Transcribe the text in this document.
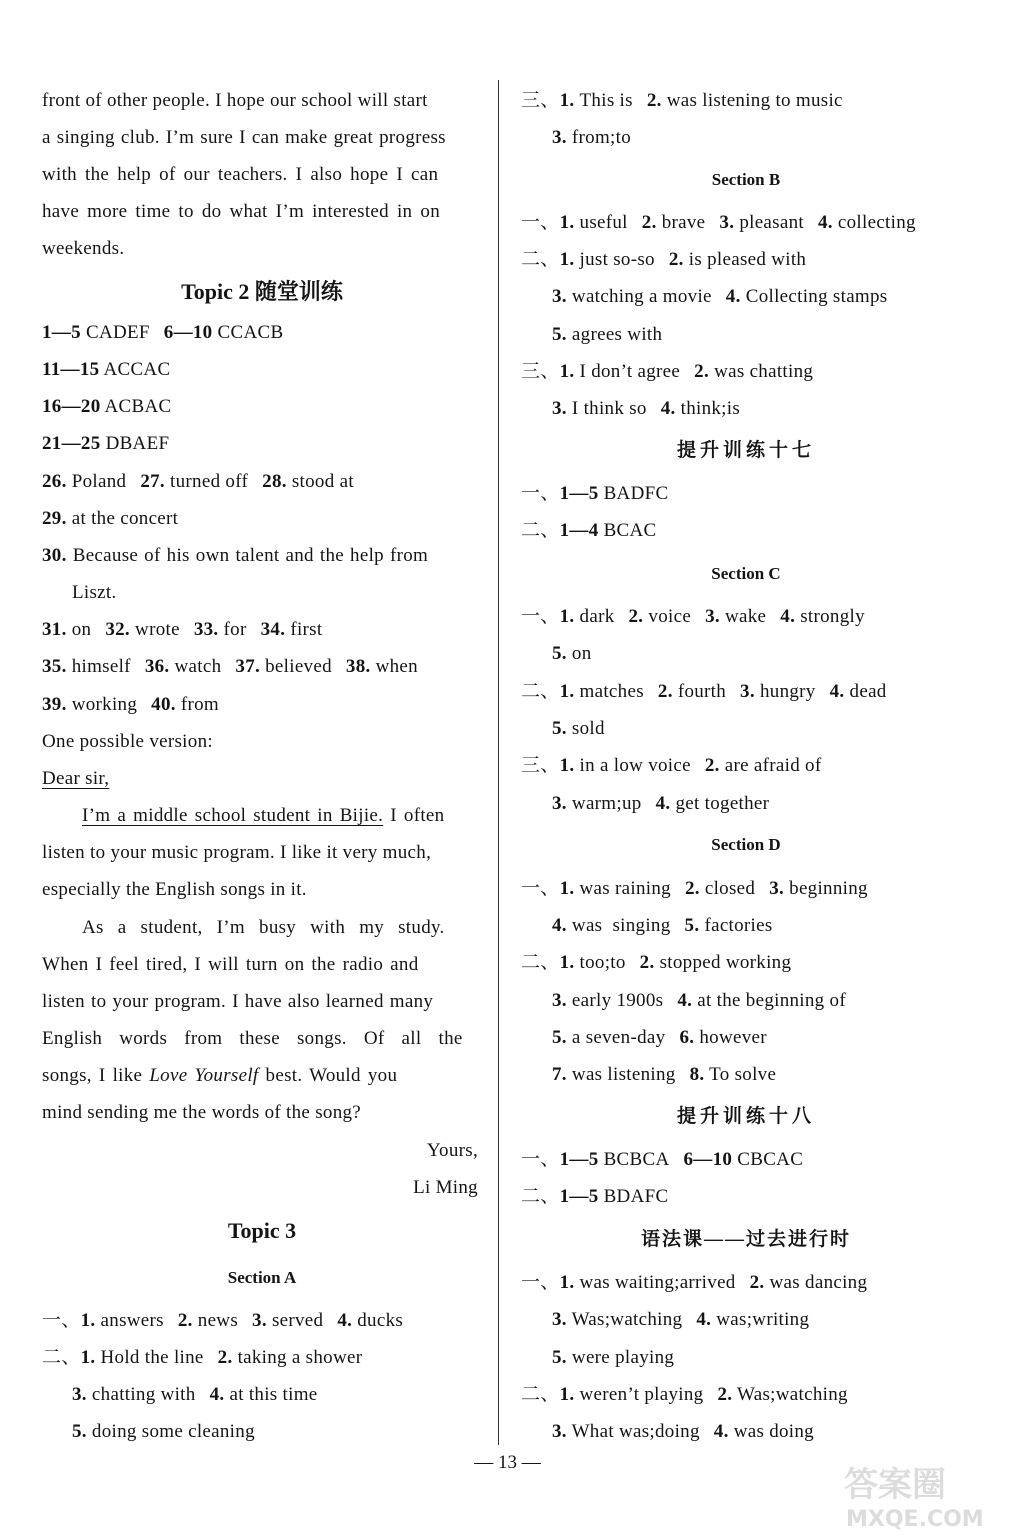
front of other people. I hope our school will start
a singing club. I’m sure I can make great progress
with the help of our teachers. I also hope I can
have more time to do what I’m interested in on
weekends.
Topic 2 随堂训练
1—5 CADEF 6—10 CCACB
11—15 ACCAC
16—20 ACBAC
21—25 DBAEF
26. Poland 27. turned off 28. stood at
29. at the concert
30. Because of his own talent and the help from
Liszt.
31. on 32. wrote 33. for 34. first
35. himself 36. watch 37. believed 38. when
39. working 40. from
One possible version:
Dear sir,
I’m a middle school student in Bijie. I often
listen to your music program. I like it very much,
especially the English songs in it.
As a student, I’m busy with my study.
When I feel tired, I will turn on the radio and
listen to your program. I have also learned many
English words from these songs. Of all the
songs, I like Love Yourself best. Would you
mind sending me the words of the song?
Yours,
Li Ming
Topic 3
Section A
一、1. answers 2. news 3. served 4. ducks
二、1. Hold the line 2. taking a shower
3. chatting with 4. at this time
5. doing some cleaning
三、1. This is 2. was listening to music
3. from;to
Section B
一、1. useful 2. brave 3. pleasant 4. collecting
二、1. just so-so 2. is pleased with
3. watching a movie 4. Collecting stamps
5. agrees with
三、1. I don’t agree 2. was chatting
3. I think so 4. think;is
提升训练十七
一、1—5 BADFC
二、1—4 BCAC
Section C
一、1. dark 2. voice 3. wake 4. strongly
5. on
二、1. matches 2. fourth 3. hungry 4. dead
5. sold
三、1. in a low voice 2. are afraid of
3. warm;up 4. get together
Section D
一、1. was raining 2. closed 3. beginning
4. was  singing 5. factories
二、1. too;to 2. stopped working
3. early 1900s 4. at the beginning of
5. a seven-day 6. however
7. was listening 8. To solve
提升训练十八
一、1—5 BCBCA 6—10 CBCAC
二、1—5 BDAFC
语法课——过去进行时
一、1. was waiting;arrived 2. was dancing
3. Was;watching 4. was;writing
5. were playing
二、1. weren’t playing 2. Was;watching
3. What was;doing 4. was doing
— 13 —
答案圈
MXQE.COM
